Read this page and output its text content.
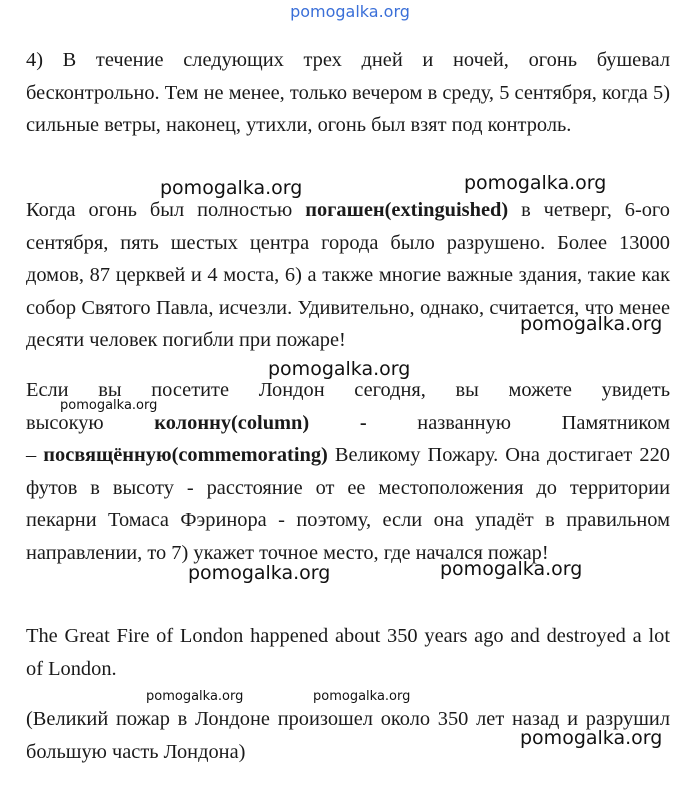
pomogalka.org

4) В течение следующих трех дней и ночей, огонь бушевал бесконтрольно. Тем не менее, только вечером в среду, 5 сентября, когда 5) сильные ветры, наконец, утихли, огонь был взят под контроль.

Когда огонь был полностью погашен(extinguished) в четверг, 6-ого сентября, пять шестых центра города было разрушено. Более 13000 домов, 87 церквей и 4 моста, 6) а также многие важные здания, такие как собор Святого Павла, исчезли. Удивительно, однако, считается, что менее десяти человек погибли при пожаре!

Если вы посетите Лондон сегодня, вы можете увидеть
высокую колонну(column) - названную Памятником
– посвящённую(commemorating) Великому Пожару. Она достигает 220 футов в высоту - расстояние от ее местоположения до территории пекарни Томаса Фэринора - поэтому, если она упадёт в правильном направлении, то 7) укажет точное место, где начался пожар!

The Great Fire of London happened about 350 years ago and destroyed a lot of London.

(Великий пожар в Лондоне произошел около 350 лет назад и разрушил большую часть Лондона)

pomogalka.org	pomogalka.org
pomogalka.org
pomogalka.org
pomogalka.org
pomogalka.org	pomogalka.org
pomogalka.org	pomogalka.org
pomogalka.org
